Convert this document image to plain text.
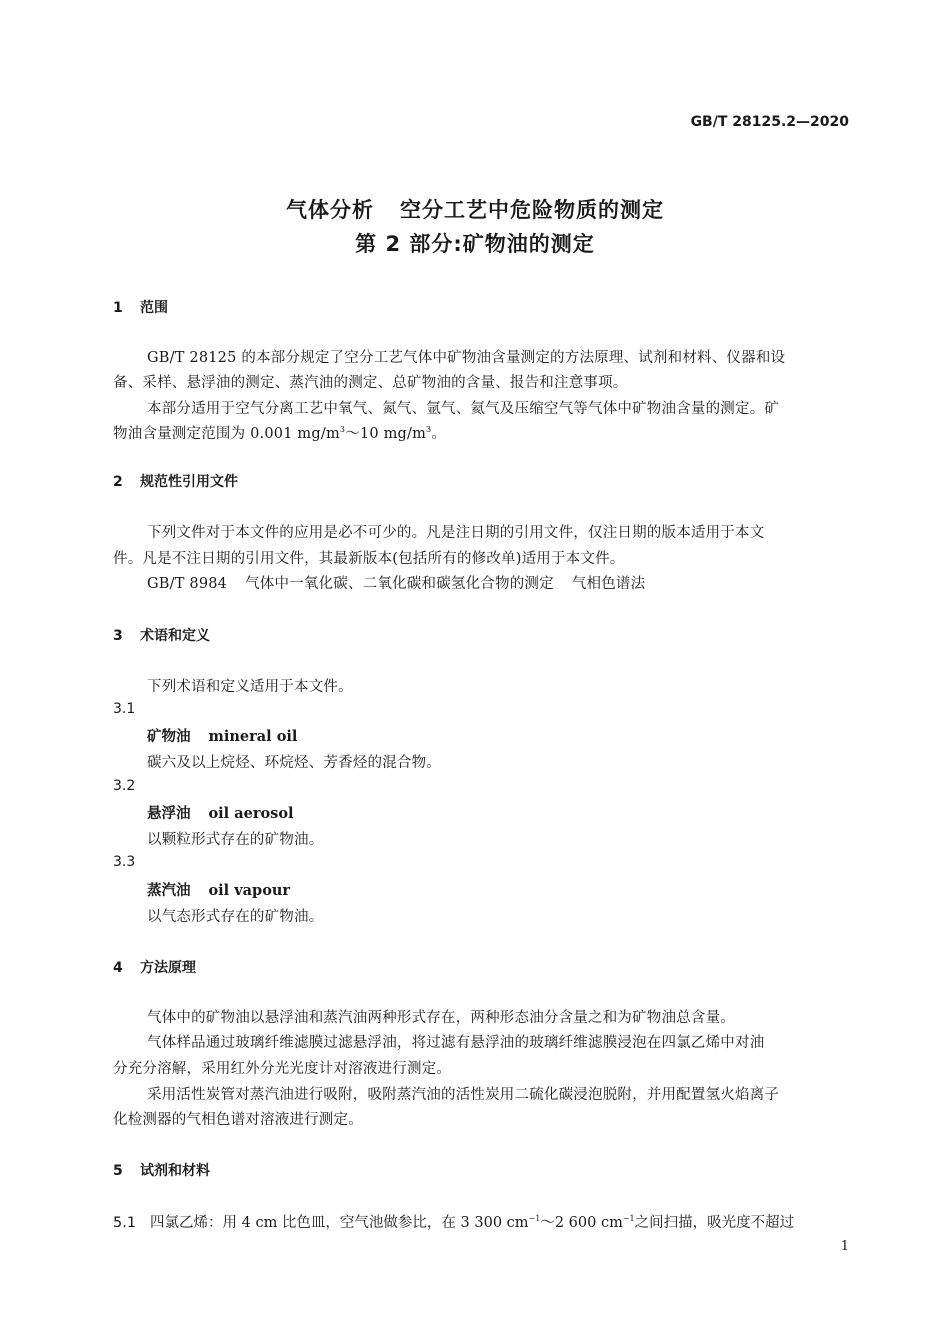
GB/T 28125.2—2020
气体分析 空分工艺中危险物质的测定
第 2 部分:矿物油的测定
1 范围
GB/T 28125 的本部分规定了空分工艺气体中矿物油含量测定的方法原理、试剂和材料、仪器和设
备、采样、悬浮油的测定、蒸汽油的测定、总矿物油的含量、报告和注意事项。
本部分适用于空气分离工艺中氧气、氮气、氩气、氦气及压缩空气等气体中矿物油含量的测定。矿
物油含量测定范围为 0.001 $mg/m^3\sim 10$ $mg/m^3$。
2 规范性引用文件
下列文件对于本文件的应用是必不可少的。凡是注日期的引用文件，仅注日期的版本适用于本文
件。凡是不注日期的引用文件，其最新版本(包括所有的修改单)适用于本文件。
GB/T 8984 气体中一氧化碳、二氧化碳和碳氢化合物的测定 气相色谱法
3 术语和定义
下列术语和定义适用于本文件。
3.1
矿物油 mineral oil
碳六及以上烷烃、环烷烃、芳香烃的混合物。
3.2
悬浮油 oil aerosol
以颗粒形式存在的矿物油。
3.3
蒸汽油 oil vapour
以气态形式存在的矿物油。
4 方法原理
气体中的矿物油以悬浮油和蒸汽油两种形式存在，两种形态油分含量之和为矿物油总含量。
气体样品通过玻璃纤维滤膜过滤悬浮油，将过滤有悬浮油的玻璃纤维滤膜浸泡在四氯乙烯中对油
分充分溶解，采用红外分光光度计对溶液进行测定。
采用活性炭管对蒸汽油进行吸附，吸附蒸汽油的活性炭用二硫化碳浸泡脱附，并用配置氢火焰离子
化检测器的气相色谱对溶液进行测定。
5 试剂和材料
5.1 四氯乙烯：用 4 cm 比色皿，空气池做参比，在 3 300 $cm^{-1}\sim 2$ 600 $cm^{-1}$之间扫描，吸光度不超过
1
